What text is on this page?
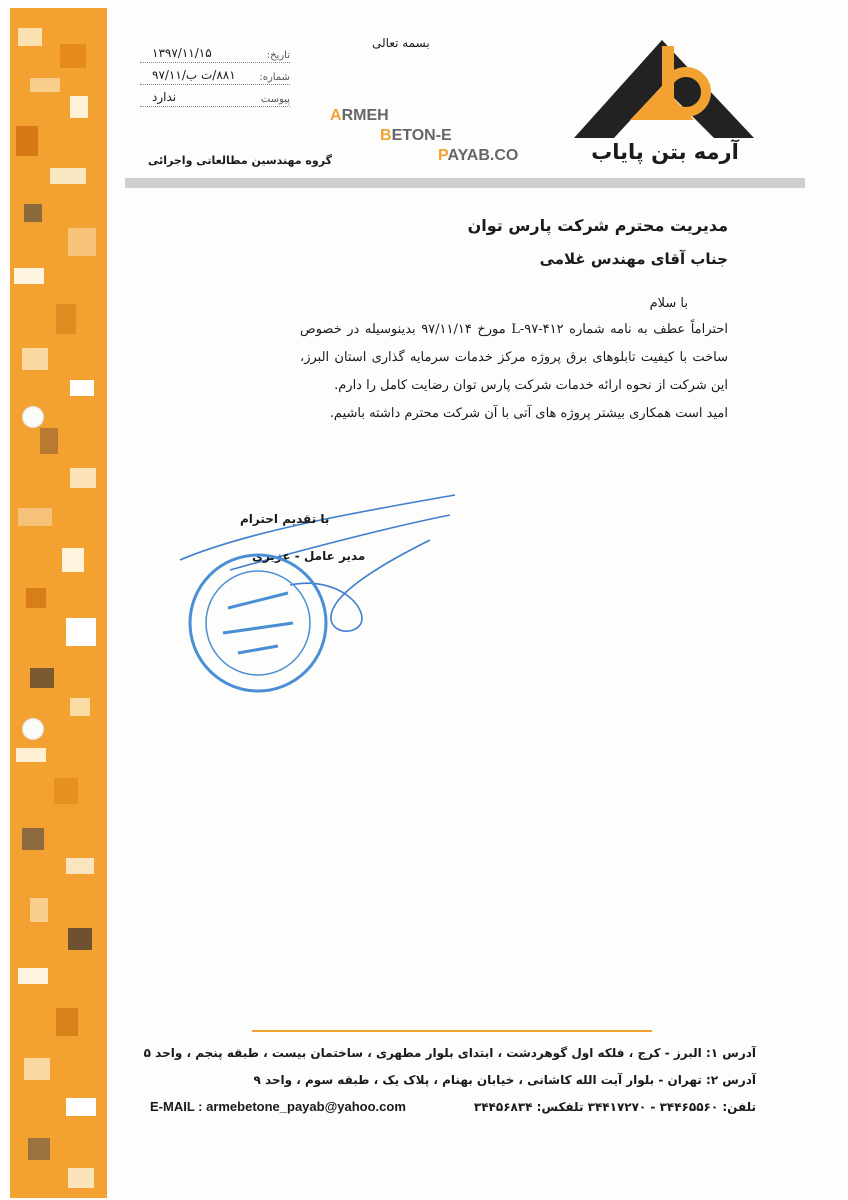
بسمه تعالی
تاریخ:
۱۳۹۷/۱۱/۱۵
شماره:
۸۸۱/ت ب/۹۷/۱۱
پیوست
ندارد
ARMEH
BETON-E
PAYAB.CO	آرمه بتن پایاب
گروه مهندسین مطالعاتی واجرائی
مدیریت محترم شرکت پارس توان
جناب آقای مهندس غلامی
با سلام
احتراماً عطف به نامه شماره ۴۱۲-L-۹۷ مورخ ۹۷/۱۱/۱۴ بدینوسیله در خصوص ساخت با کیفیت تابلوهای برق پروژه مرکز خدمات سرمایه گذاری استان البرز، این شرکت از نحوه ارائه خدمات شرکت پارس توان رضایت کامل را دارم.
امید است همکاری بیشتر پروژه های آتی با آن شرکت محترم داشته باشیم.
با تقدیم احترام
مدیر عامل - عزیزی
آدرس ۱: البرز - کرج ، فلکه اول گوهردشت ، ابتدای بلوار مطهری ، ساختمان بیست ، طبقه پنجم ، واحد ۵
آدرس ۲: تهران - بلوار آیت الله کاشانی ، خیابان بهنام ، پلاک یک ، طبقه سوم ، واحد ۹
تلفن: ۳۴۴۶۵۵۶۰ - ۳۴۴۱۷۲۷۰ تلفکس: ۳۴۴۵۶۸۳۴
E-MAIL : armebetone_payab@yahoo.com
